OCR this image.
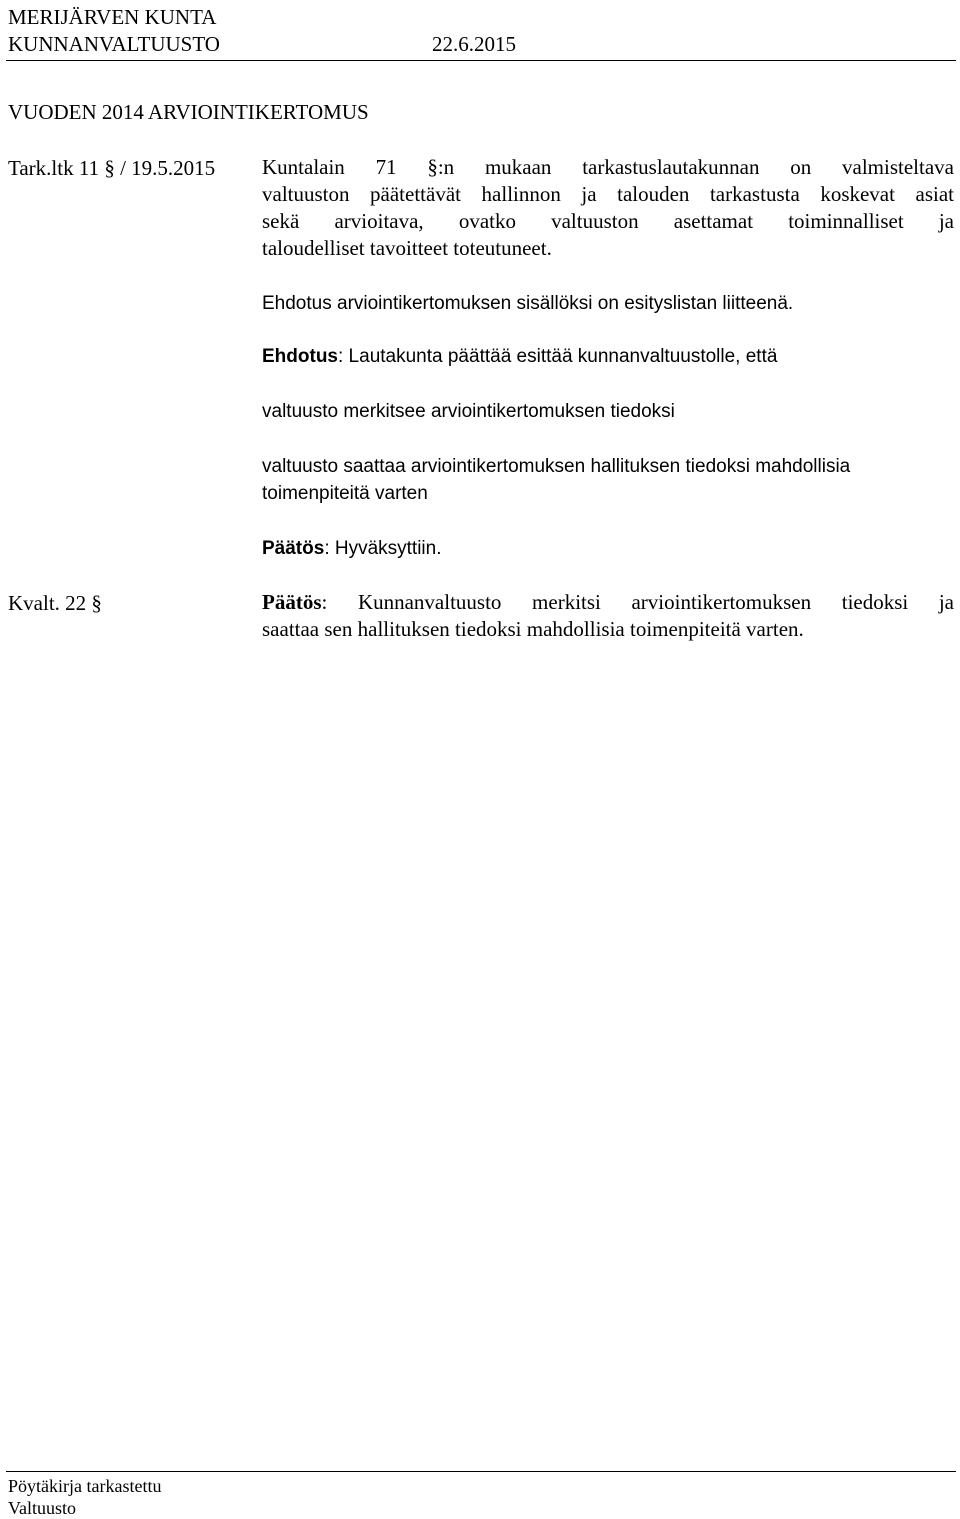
MERIJÄRVEN KUNTA
KUNNANVALTUUSTO	22.6.2015
VUODEN 2014 ARVIOINTIKERTOMUS
Tark.ltk 11 § / 19.5.2015 Kuntalain 71 §:n mukaan tarkastuslautakunnan on valmisteltava
valtuuston päätettävät hallinnon ja talouden tarkastusta koskevat asiat
sekä arvioitava, ovatko valtuuston asettamat toiminnalliset ja
taloudelliset tavoitteet toteutuneet.
Ehdotus arviointikertomuksen sisällöksi on esityslistan liitteenä.
Ehdotus: Lautakunta päättää esittää kunnanvaltuustolle, että
valtuusto merkitsee arviointikertomuksen tiedoksi
valtuusto saattaa arviointikertomuksen hallituksen tiedoksi mahdollisia
toimenpiteitä varten
Päätös: Hyväksyttiin.
Kvalt. 22 §	Päätös: Kunnanvaltuusto merkitsi arviointikertomuksen tiedoksi ja
saattaa sen hallituksen tiedoksi mahdollisia toimenpiteitä varten.
Pöytäkirja tarkastettu
Valtuusto
